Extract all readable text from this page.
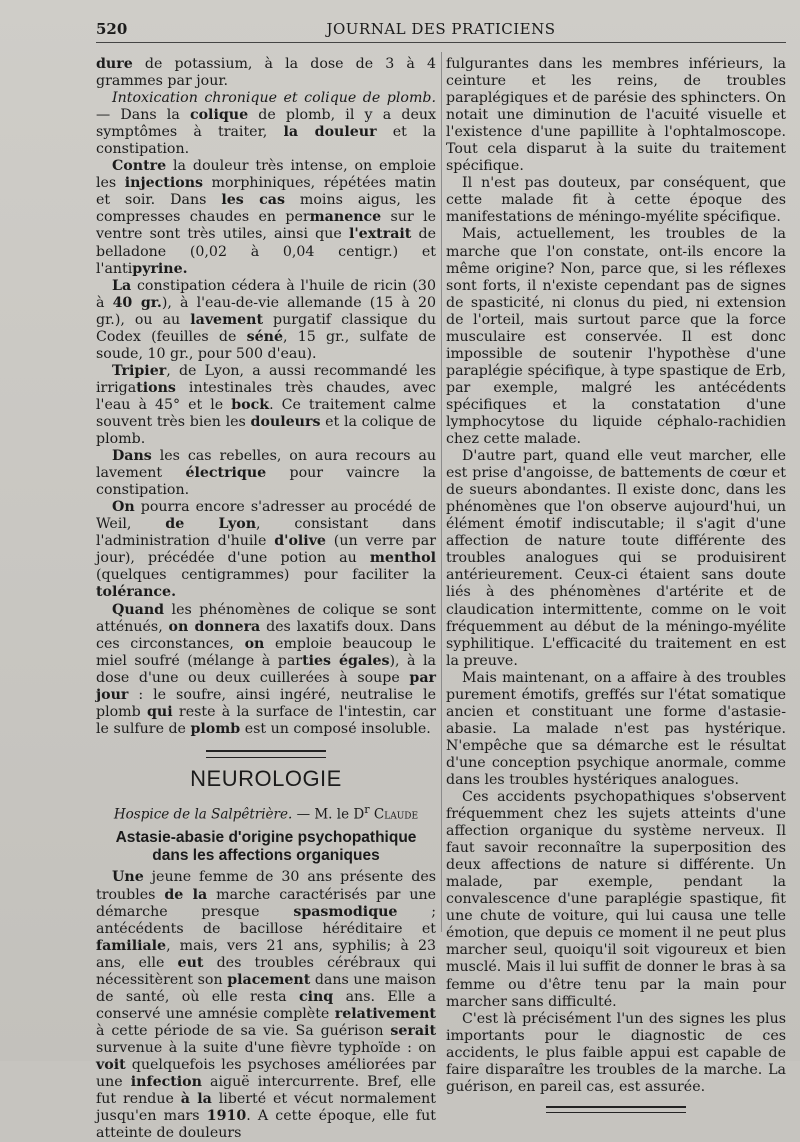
520	JOURNAL DES PRATICIENS

dure de potassium, à la dose de 3 à 4 grammes par jour.

Intoxication chronique et colique de plomb. — Dans la colique de plomb, il y a deux symptômes à traiter, la douleur et la constipation.

Contre la douleur très intense, on emploie les injections morphiniques, répétées matin et soir. Dans les cas moins aigus, les compresses chaudes en permanence sur le ventre sont très utiles, ainsi que l'extrait de belladone (0,02 à 0,04 centigr.) et l'antipyrine.

La constipation cédera à l'huile de ricin (30 à 40 gr.), à l'eau-de-vie allemande (15 à 20 gr.), ou au lavement purgatif classique du Codex (feuilles de séné, 15 gr., sulfate de soude, 10 gr., pour 500 d'eau).

Tripier, de Lyon, a aussi recommandé les irrigations intestinales très chaudes, avec l'eau à 45° et le bock. Ce traitement calme souvent très bien les douleurs et la colique de plomb.

Dans les cas rebelles, on aura recours au lavement électrique pour vaincre la constipation.

On pourra encore s'adresser au procédé de Weil, de Lyon, consistant dans l'administration d'huile d'olive (un verre par jour), précédée d'une potion au menthol (quelques centigrammes) pour faciliter la tolérance.

Quand les phénomènes de colique se sont atténués, on donnera des laxatifs doux. Dans ces circonstances, on emploie beaucoup le miel soufré (mélange à parties égales), à la dose d'une ou deux cuillerées à soupe par jour : le soufre, ainsi ingéré, neutralise le plomb qui reste à la surface de l'intestin, car le sulfure de plomb est un composé insoluble.

NEUROLOGIE
Hospice de la Salpêtrière. — M. le $D^r$ Claude
Astasie-abasie d'origine psychopathique
dans les affections organiques

Une jeune femme de 30 ans présente des troubles de la marche caractérisés par une démarche presque spasmodique ; antécédents de bacillose héréditaire et familiale, mais, vers 21 ans, syphilis; à 23 ans, elle eut des troubles cérébraux qui nécessitèrent son placement dans une maison de santé, où elle resta cinq ans. Elle a conservé une amnésie complète relativement à cette période de sa vie. Sa guérison serait survenue à la suite d'une fièvre typhoïde : on voit quelquefois les psychoses améliorées par une infection aiguë intercurrente. Bref, elle fut rendue à la liberté et vécut normalement jusqu'en mars 1910. A cette époque, elle fut atteinte de douleurs

fulgurantes dans les membres inférieurs, la ceinture et les reins, de troubles paraplégiques et de parésie des sphincters. On notait une diminution de l'acuité visuelle et l'existence d'une papillite à l'ophtalmoscope. Tout cela disparut à la suite du traitement spécifique.

Il n'est pas douteux, par conséquent, que cette malade fit à cette époque des manifestations de méningo-myélite spécifique.

Mais, actuellement, les troubles de la marche que l'on constate, ont-ils encore la même origine? Non, parce que, si les réflexes sont forts, il n'existe cependant pas de signes de spasticité, ni clonus du pied, ni extension de l'orteil, mais surtout parce que la force musculaire est conservée. Il est donc impossible de soutenir l'hypothèse d'une paraplégie spécifique, à type spastique de Erb, par exemple, malgré les antécédents spécifiques et la constatation d'une lymphocytose du liquide céphalo-rachidien chez cette malade.

D'autre part, quand elle veut marcher, elle est prise d'angoisse, de battements de cœur et de sueurs abondantes. Il existe donc, dans les phénomènes que l'on observe aujourd'hui, un élément émotif indiscutable; il s'agit d'une affection de nature toute différente des troubles analogues qui se produisirent antérieurement. Ceux-ci étaient sans doute liés à des phénomènes d'artérite et de claudication intermittente, comme on le voit fréquemment au début de la méningo-myélite syphilitique. L'efficacité du traitement en est la preuve.

Mais maintenant, on a affaire à des troubles purement émotifs, greffés sur l'état somatique ancien et constituant une forme d'astasie-abasie. La malade n'est pas hystérique. N'empêche que sa démarche est le résultat d'une conception psychique anormale, comme dans les troubles hystériques analogues.

Ces accidents psychopathiques s'observent fréquemment chez les sujets atteints d'une affection organique du système nerveux. Il faut savoir reconnaître la superposition des deux affections de nature si différente. Un malade, par exemple, pendant la convalescence d'une paraplégie spastique, fit une chute de voiture, qui lui causa une telle émotion, que depuis ce moment il ne peut plus marcher seul, quoiqu'il soit vigoureux et bien musclé. Mais il lui suffit de donner le bras à sa femme ou d'être tenu par la main pour marcher sans difficulté.

C'est là précisément l'un des signes les plus importants pour le diagnostic de ces accidents, le plus faible appui est capable de faire disparaître les troubles de la marche. La guérison, en pareil cas, est assurée.
